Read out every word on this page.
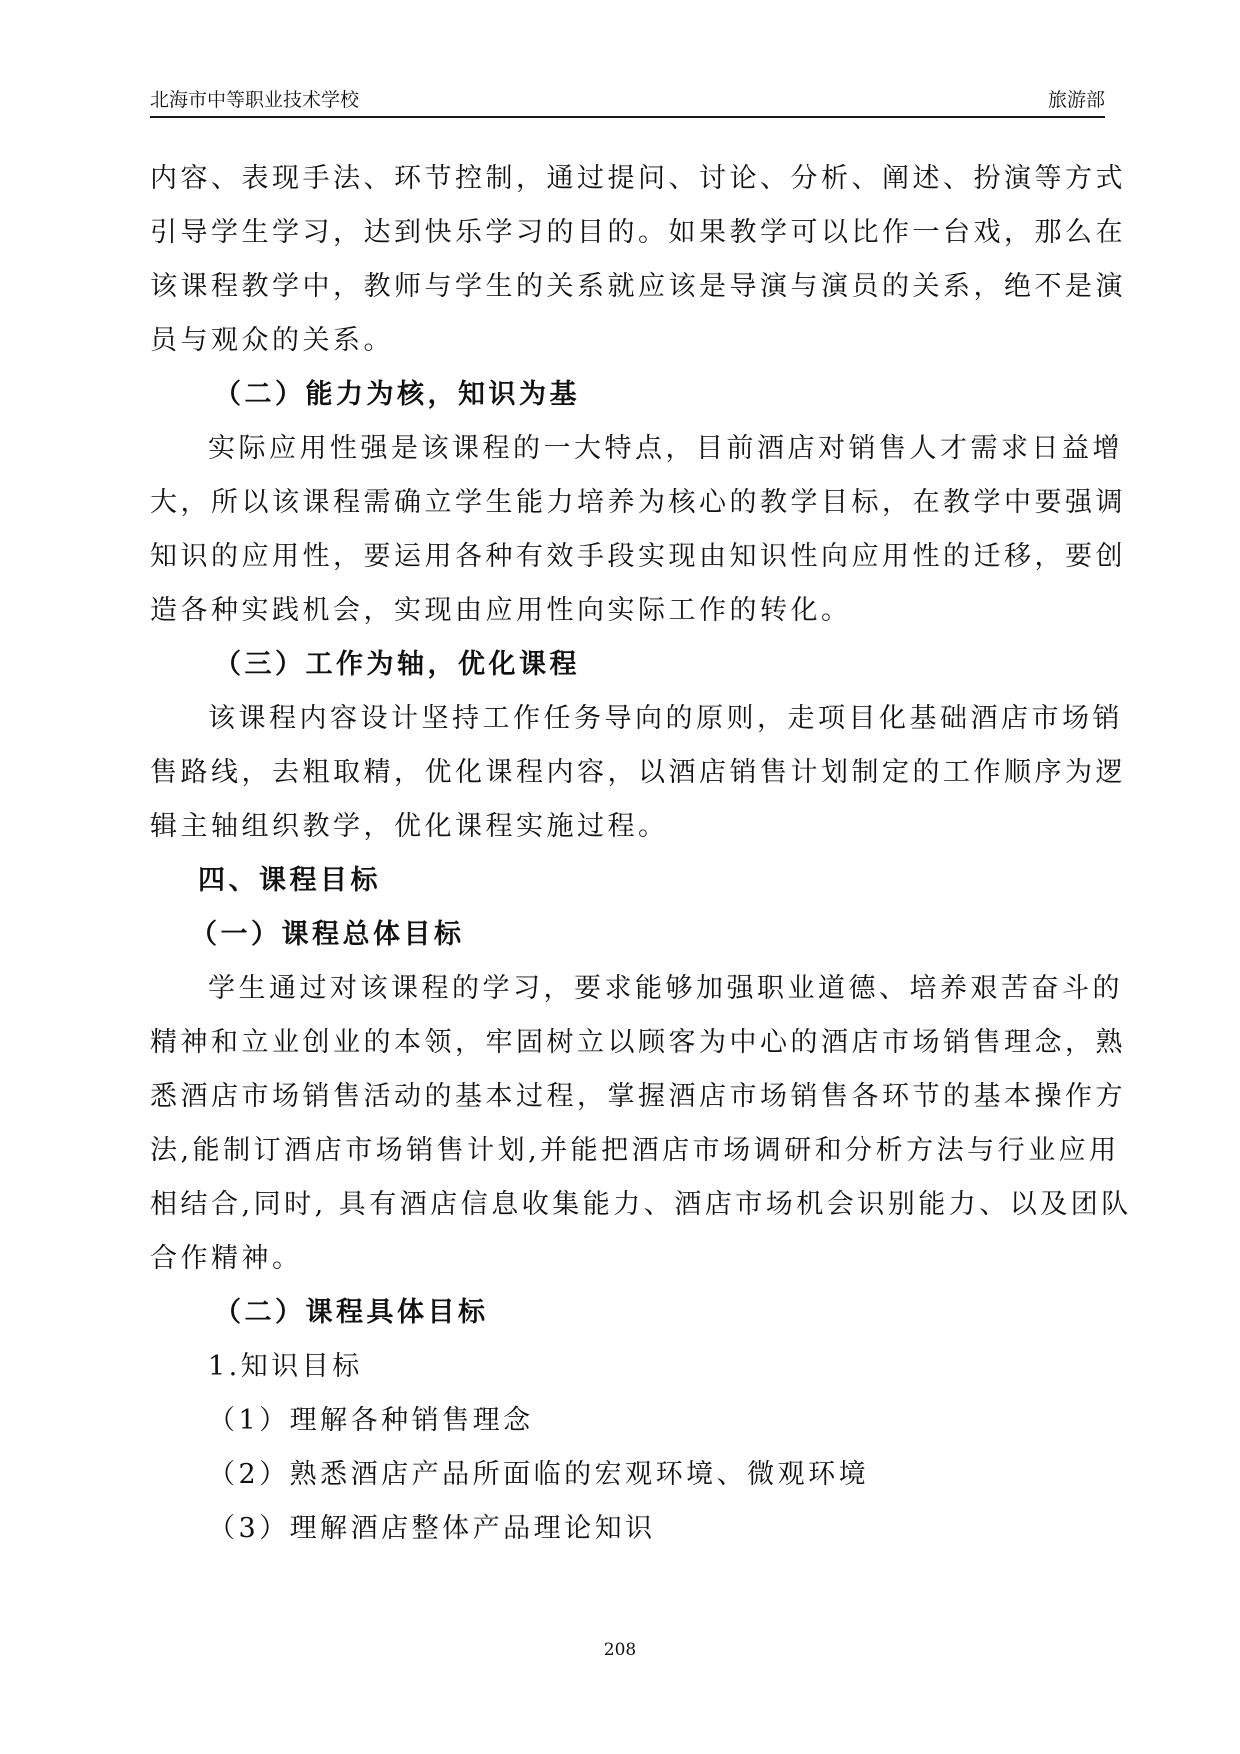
北海市中等职业技术学校	旅游部

内容、表现手法、环节控制，通过提问、讨论、分析、阐述、扮演等方式

引导学生学习，达到快乐学习的目的。如果教学可以比作一台戏，那么在

该课程教学中，教师与学生的关系就应该是导演与演员的关系，绝不是演

员与观众的关系。

（二）能力为核，知识为基

实际应用性强是该课程的一大特点，目前酒店对销售人才需求日益增

大，所以该课程需确立学生能力培养为核心的教学目标，在教学中要强调

知识的应用性，要运用各种有效手段实现由知识性向应用性的迁移，要创

造各种实践机会，实现由应用性向实际工作的转化。

（三）工作为轴，优化课程

该课程内容设计坚持工作任务导向的原则，走项目化基础酒店市场销

售路线，去粗取精，优化课程内容，以酒店销售计划制定的工作顺序为逻

辑主轴组织教学，优化课程实施过程。

四、课程目标

（一）课程总体目标

学生通过对该课程的学习，要求能够加强职业道德、培养艰苦奋斗的

精神和立业创业的本领，牢固树立以顾客为中心的酒店市场销售理念，熟

悉酒店市场销售活动的基本过程，掌握酒店市场销售各环节的基本操作方

法,能制订酒店市场销售计划,并能把酒店市场调研和分析方法与行业应用

相结合,同时, 具有酒店信息收集能力、酒店市场机会识别能力、以及团队

合作精神。

（二）课程具体目标

1.知识目标

（1）理解各种销售理念

（2）熟悉酒店产品所面临的宏观环境、微观环境

（3）理解酒店整体产品理论知识

208
